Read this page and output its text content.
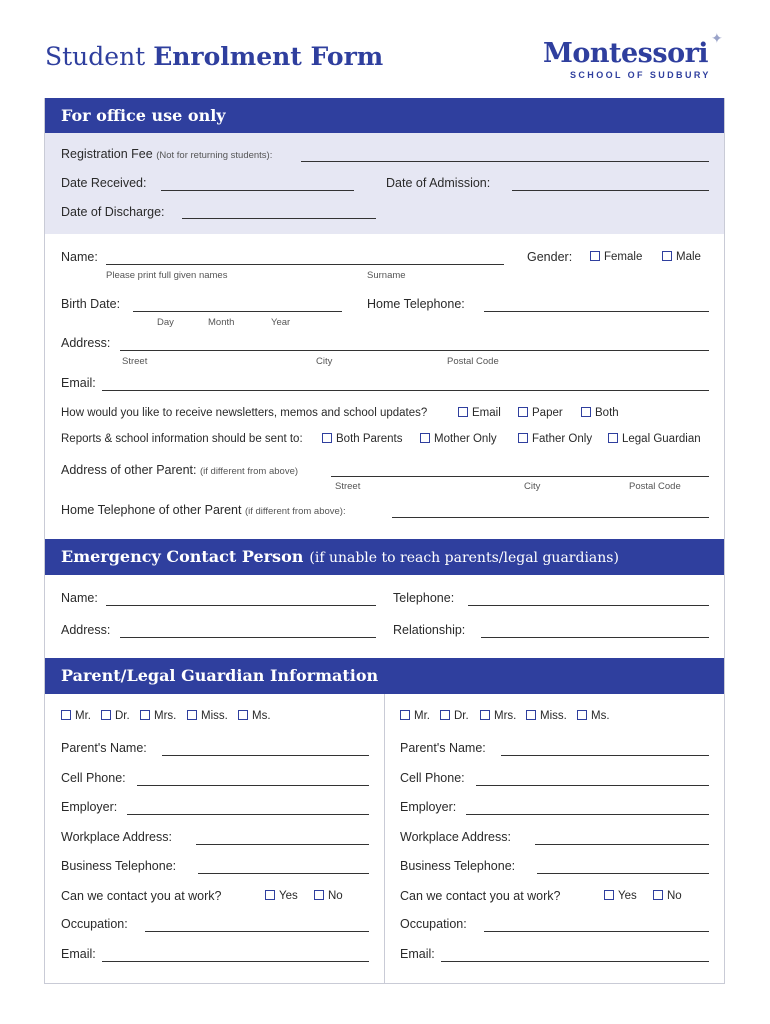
Student Enrolment Form	Montessori ✦
SCHOOL OF SUDBURY
For office use only
Registration Fee (Not for returning students):
Date Received:	Date of Admission:
Date of Discharge:
Name:	Gender:	Female	Male
Please print full given names	Surname
Birth Date:	Home Telephone:
Day	Month	Year
Address:
Street	City	Postal Code
Email:
How would you like to receive newsletters, memos and school updates?	Email	Paper	Both
Reports & school information should be sent to:	Both Parents	Mother Only	Father Only	Legal Guardian
Address of other Parent: (if different from above)
Street	City	Postal Code
Home Telephone of other Parent (if different from above):
Emergency Contact Person (if unable to reach parents/legal guardians)
Name:	Telephone:
Address:	Relationship:
Parent/Legal Guardian Information
Mr.	Dr.	Mrs.	Miss.	Ms.
Parent's Name:
Cell Phone:
Employer:
Workplace Address:
Business Telephone:
Can we contact you at work?	Yes	No
Occupation:
Email:
Mr.	Dr.	Mrs.	Miss.	Ms.
Parent's Name:
Cell Phone:
Employer:
Workplace Address:
Business Telephone:
Can we contact you at work?	Yes	No
Occupation:
Email:
